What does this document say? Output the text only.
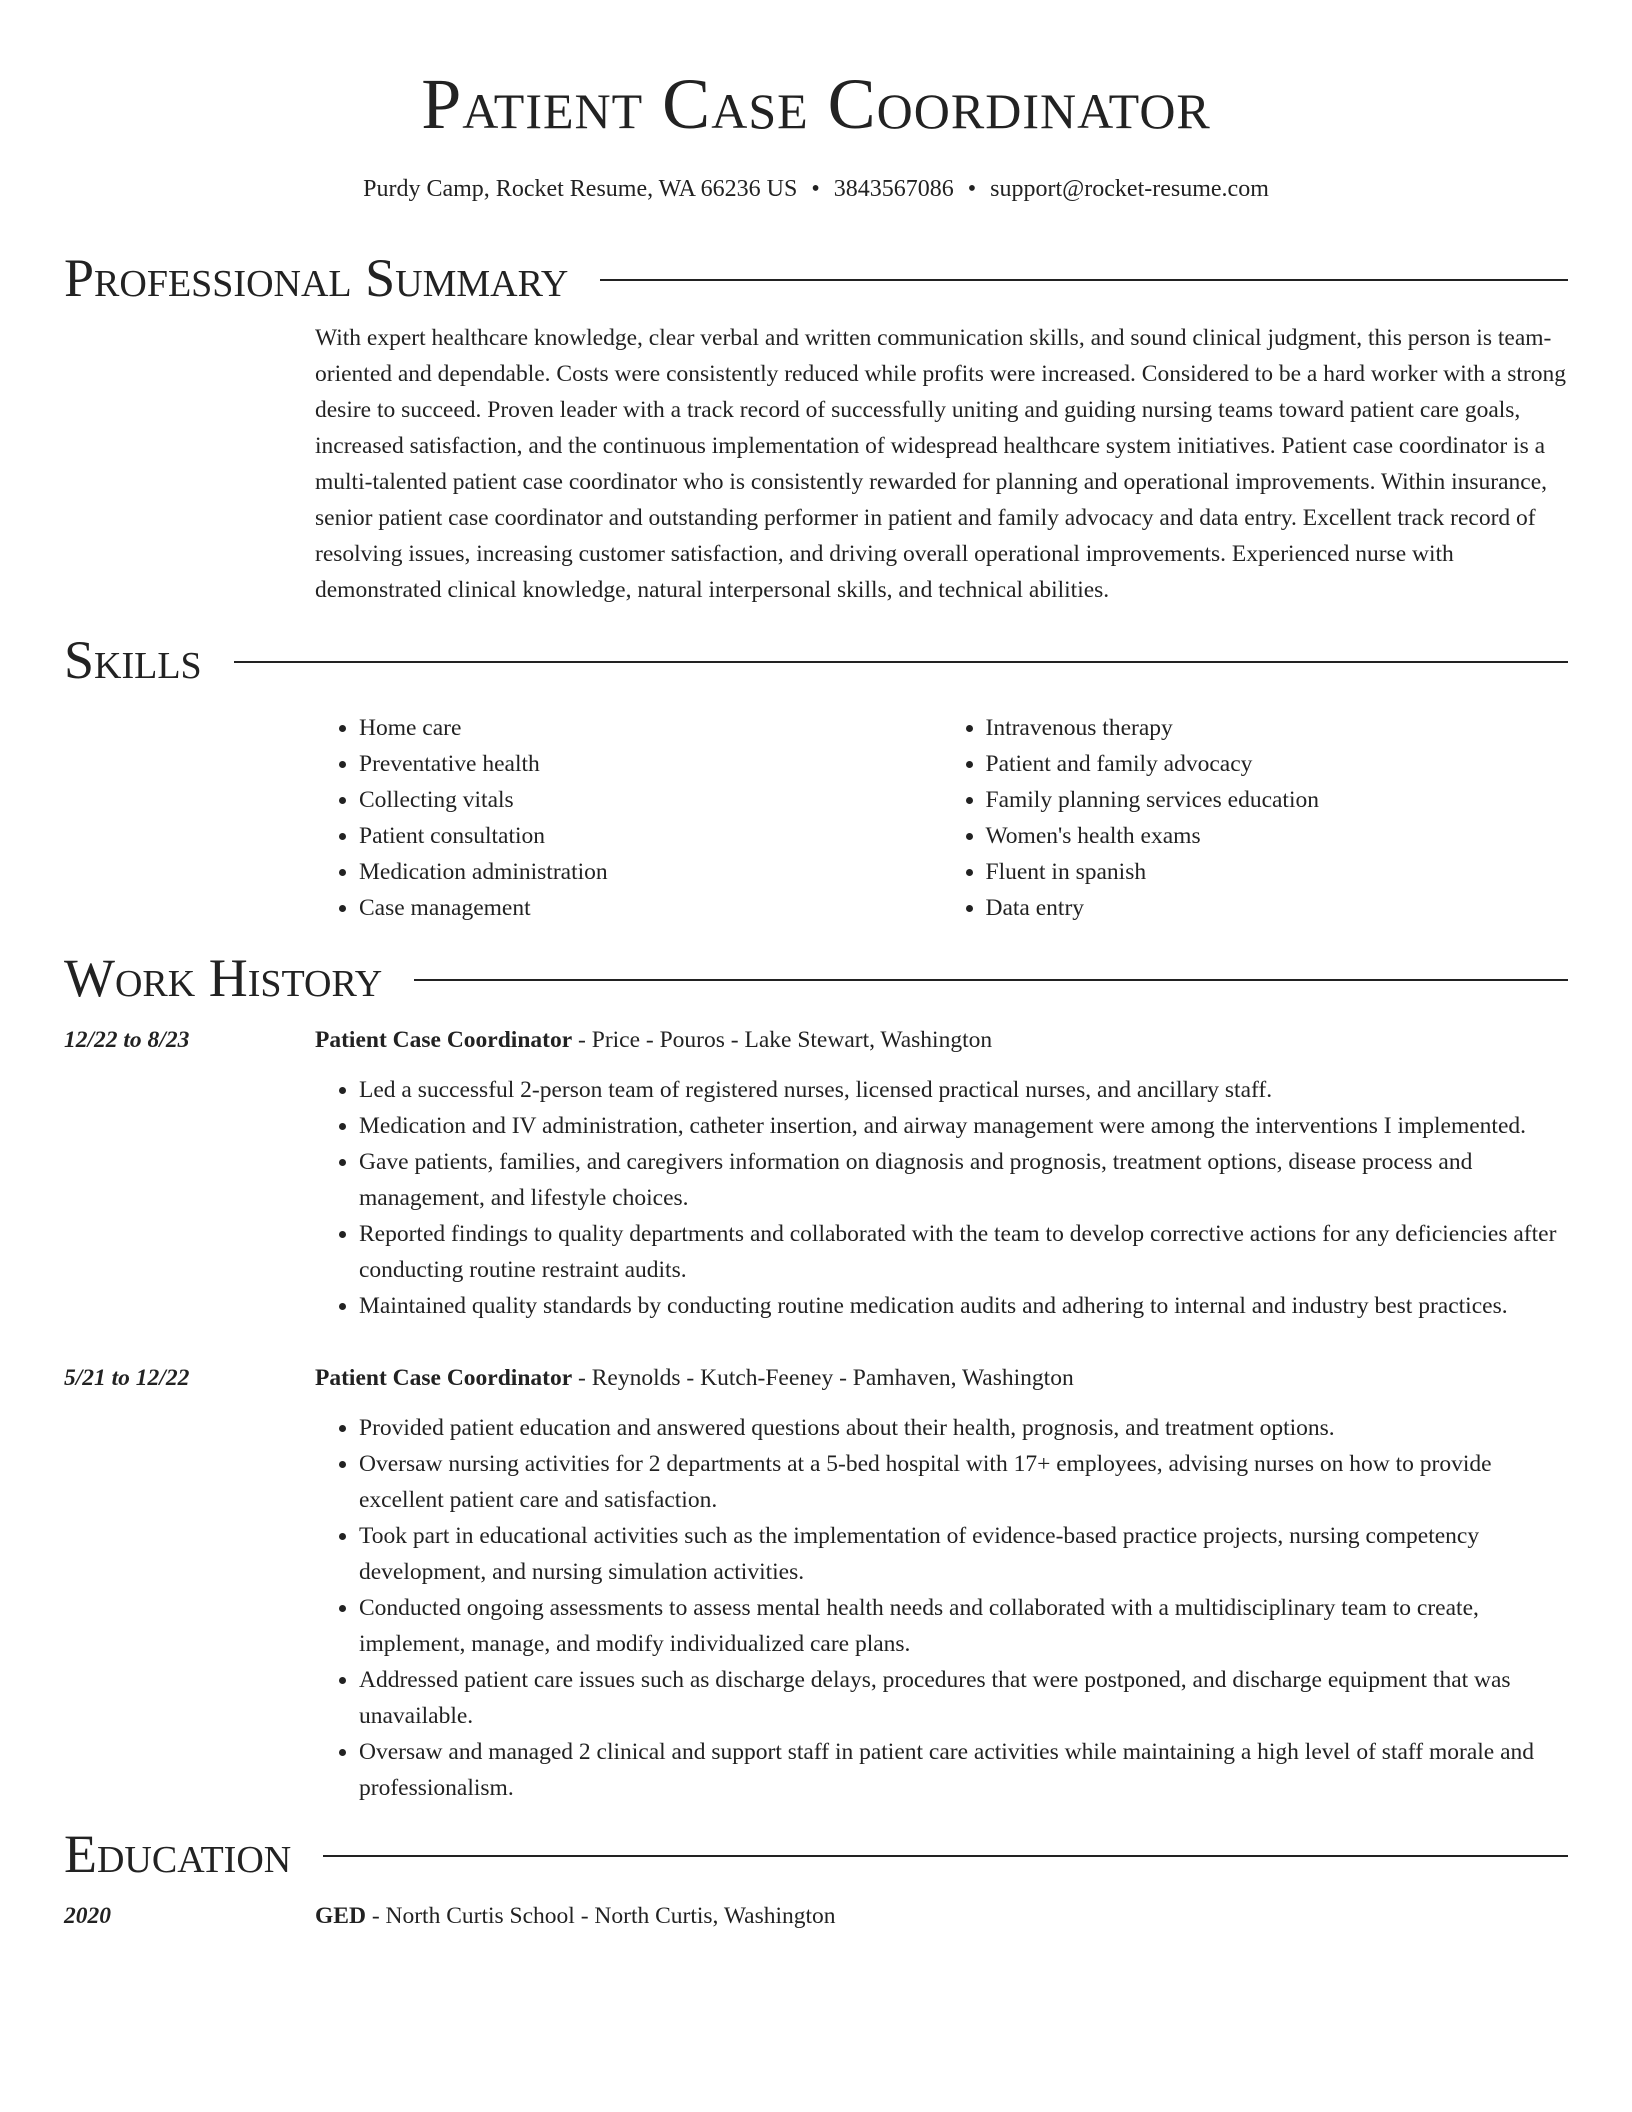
Patient Case Coordinator
Purdy Camp, Rocket Resume, WA 66236 US • 3843567086 • support@rocket-resume.com
Professional Summary
With expert healthcare knowledge, clear verbal and written communication skills, and sound clinical judgment, this person is team-oriented and dependable. Costs were consistently reduced while profits were increased. Considered to be a hard worker with a strong desire to succeed. Proven leader with a track record of successfully uniting and guiding nursing teams toward patient care goals, increased satisfaction, and the continuous implementation of widespread healthcare system initiatives. Patient case coordinator is a multi-talented patient case coordinator who is consistently rewarded for planning and operational improvements. Within insurance, senior patient case coordinator and outstanding performer in patient and family advocacy and data entry. Excellent track record of resolving issues, increasing customer satisfaction, and driving overall operational improvements. Experienced nurse with demonstrated clinical knowledge, natural interpersonal skills, and technical abilities.
Skills
• Home care
• Preventative health
• Collecting vitals
• Patient consultation
• Medication administration
• Case management
• Intravenous therapy
• Patient and family advocacy
• Family planning services education
• Women's health exams
• Fluent in spanish
• Data entry
Work History
12/22 to 8/23	Patient Case Coordinator - Price - Pouros - Lake Stewart, Washington
• Led a successful 2-person team of registered nurses, licensed practical nurses, and ancillary staff.
• Medication and IV administration, catheter insertion, and airway management were among the interventions I implemented.
• Gave patients, families, and caregivers information on diagnosis and prognosis, treatment options, disease process and management, and lifestyle choices.
• Reported findings to quality departments and collaborated with the team to develop corrective actions for any deficiencies after conducting routine restraint audits.
• Maintained quality standards by conducting routine medication audits and adhering to internal and industry best practices.
5/21 to 12/22	Patient Case Coordinator - Reynolds - Kutch-Feeney - Pamhaven, Washington
• Provided patient education and answered questions about their health, prognosis, and treatment options.
• Oversaw nursing activities for 2 departments at a 5-bed hospital with 17+ employees, advising nurses on how to provide excellent patient care and satisfaction.
• Took part in educational activities such as the implementation of evidence-based practice projects, nursing competency development, and nursing simulation activities.
• Conducted ongoing assessments to assess mental health needs and collaborated with a multidisciplinary team to create, implement, manage, and modify individualized care plans.
• Addressed patient care issues such as discharge delays, procedures that were postponed, and discharge equipment that was unavailable.
• Oversaw and managed 2 clinical and support staff in patient care activities while maintaining a high level of staff morale and professionalism.
Education
2020	GED - North Curtis School - North Curtis, Washington
